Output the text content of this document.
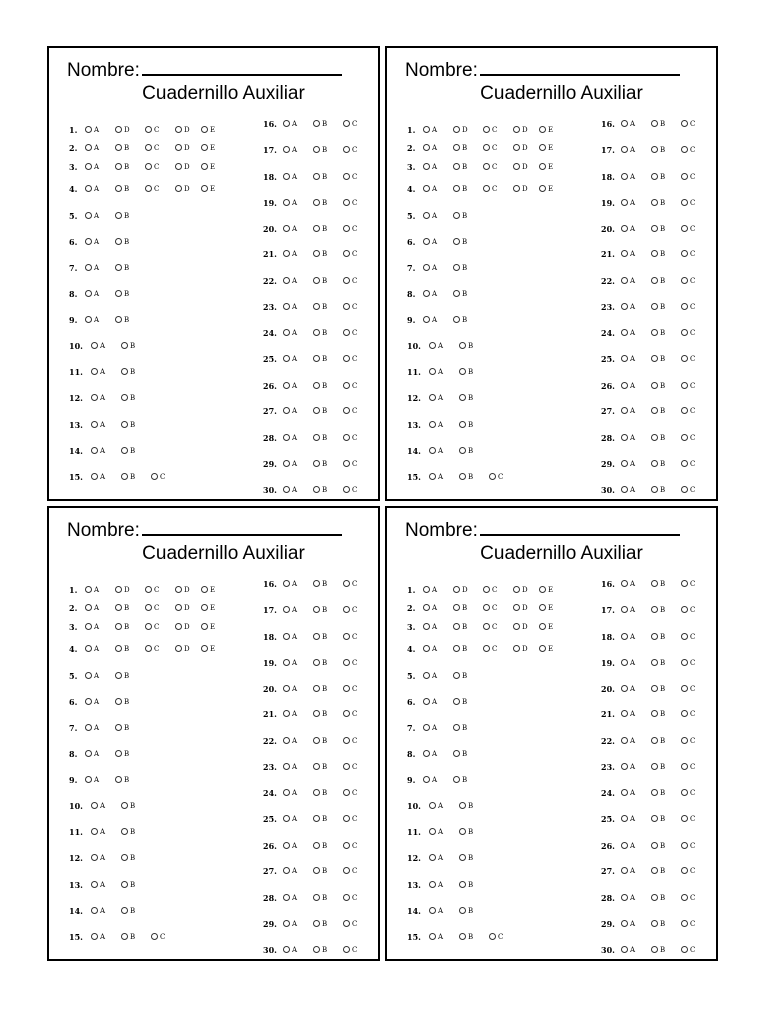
Nombre:
Cuadernillo Auxiliar
1.	A	D	C	D	E
2.	A	B	C	D	E
3.	A	B	C	D	E
4.	A	B	C	D	E
5.	A	B
6.	A	B
7.	A	B
8.	A	B
9.	A	B
10.	A	B
11.	A	B
12.	A	B
13.	A	B
14.	A	B
15.	A	B	C
16.	A	B	C
17.	A	B	C
18.	A	B	C
19.	A	B	C
20.	A	B	C
21.	A	B	C
22.	A	B	C
23.	A	B	C
24.	A	B	C
25.	A	B	C
26.	A	B	C
27.	A	B	C
28.	A	B	C
29.	A	B	C
30.	A	B	C
Nombre:
Cuadernillo Auxiliar
1.	A	D	C	D	E
2.	A	B	C	D	E
3.	A	B	C	D	E
4.	A	B	C	D	E
5.	A	B
6.	A	B
7.	A	B
8.	A	B
9.	A	B
10.	A	B
11.	A	B
12.	A	B
13.	A	B
14.	A	B
15.	A	B	C
16.	A	B	C
17.	A	B	C
18.	A	B	C
19.	A	B	C
20.	A	B	C
21.	A	B	C
22.	A	B	C
23.	A	B	C
24.	A	B	C
25.	A	B	C
26.	A	B	C
27.	A	B	C
28.	A	B	C
29.	A	B	C
30.	A	B	C
Nombre:
Cuadernillo Auxiliar
1.	A	D	C	D	E
2.	A	B	C	D	E
3.	A	B	C	D	E
4.	A	B	C	D	E
5.	A	B
6.	A	B
7.	A	B
8.	A	B
9.	A	B
10.	A	B
11.	A	B
12.	A	B
13.	A	B
14.	A	B
15.	A	B	C
16.	A	B	C
17.	A	B	C
18.	A	B	C
19.	A	B	C
20.	A	B	C
21.	A	B	C
22.	A	B	C
23.	A	B	C
24.	A	B	C
25.	A	B	C
26.	A	B	C
27.	A	B	C
28.	A	B	C
29.	A	B	C
30.	A	B	C
Nombre:
Cuadernillo Auxiliar
1.	A	D	C	D	E
2.	A	B	C	D	E
3.	A	B	C	D	E
4.	A	B	C	D	E
5.	A	B
6.	A	B
7.	A	B
8.	A	B
9.	A	B
10.	A	B
11.	A	B
12.	A	B
13.	A	B
14.	A	B
15.	A	B	C
16.	A	B	C
17.	A	B	C
18.	A	B	C
19.	A	B	C
20.	A	B	C
21.	A	B	C
22.	A	B	C
23.	A	B	C
24.	A	B	C
25.	A	B	C
26.	A	B	C
27.	A	B	C
28.	A	B	C
29.	A	B	C
30.	A	B	C
